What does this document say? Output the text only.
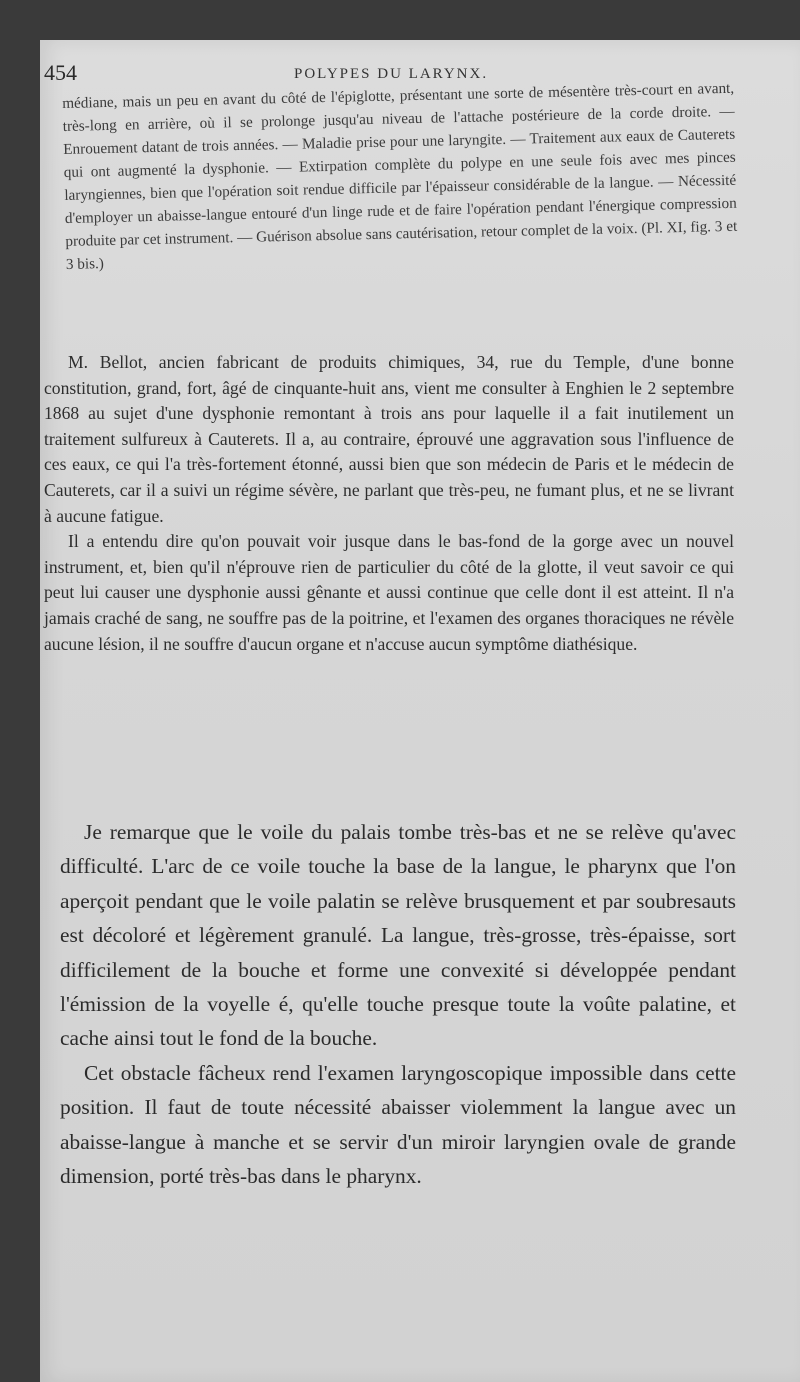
454	POLYPES DU LARYNX.

médiane, mais un peu en avant du côté de l'épiglotte, présentant une sorte de mésentère très-court en avant, très-long en arrière, où il se prolonge jusqu'au niveau de l'attache postérieure de la corde droite. — Enrouement datant de trois années. — Maladie prise pour une laryngite. — Traitement aux eaux de Cauterets qui ont augmenté la dysphonie. — Extirpation complète du polype en une seule fois avec mes pinces laryngiennes, bien que l'opération soit rendue difficile par l'épaisseur considérable de la langue. — Nécessité d'employer un abaisse-langue entouré d'un linge rude et de faire l'opération pendant l'énergique compression produite par cet instrument. — Guérison absolue sans cautérisation, retour complet de la voix. (Pl. XI, fig. 3 et 3 bis.)

M. Bellot, ancien fabricant de produits chimiques, 34, rue du Temple, d'une bonne constitution, grand, fort, âgé de cinquante-huit ans, vient me consulter à Enghien le 2 septembre 1868 au sujet d'une dysphonie remontant à trois ans pour laquelle il a fait inutilement un traitement sulfureux à Cauterets. Il a, au contraire, éprouvé une aggravation sous l'influence de ces eaux, ce qui l'a très-fortement étonné, aussi bien que son médecin de Paris et le médecin de Cauterets, car il a suivi un régime sévère, ne parlant que très-peu, ne fumant plus, et ne se livrant à aucune fatigue.

Il a entendu dire qu'on pouvait voir jusque dans le bas-fond de la gorge avec un nouvel instrument, et, bien qu'il n'éprouve rien de particulier du côté de la glotte, il veut savoir ce qui peut lui causer une dysphonie aussi gênante et aussi continue que celle dont il est atteint. Il n'a jamais craché de sang, ne souffre pas de la poitrine, et l'examen des organes thoraciques ne révèle aucune lésion, il ne souffre d'aucun organe et n'accuse aucun symptôme diathésique.

Je remarque que le voile du palais tombe très-bas et ne se relève qu'avec difficulté. L'arc de ce voile touche la base de la langue, le pharynx que l'on aperçoit pendant que le voile palatin se relève brusquement et par soubresauts est décoloré et légèrement granulé. La langue, très-grosse, très-épaisse, sort difficilement de la bouche et forme une convexité si développée pendant l'émission de la voyelle é, qu'elle touche presque toute la voûte palatine, et cache ainsi tout le fond de la bouche.

Cet obstacle fâcheux rend l'examen laryngoscopique impossible dans cette position. Il faut de toute nécessité abaisser violemment la langue avec un abaisse-langue à manche et se servir d'un miroir laryngien ovale de grande dimension, porté très-bas dans le pharynx.
